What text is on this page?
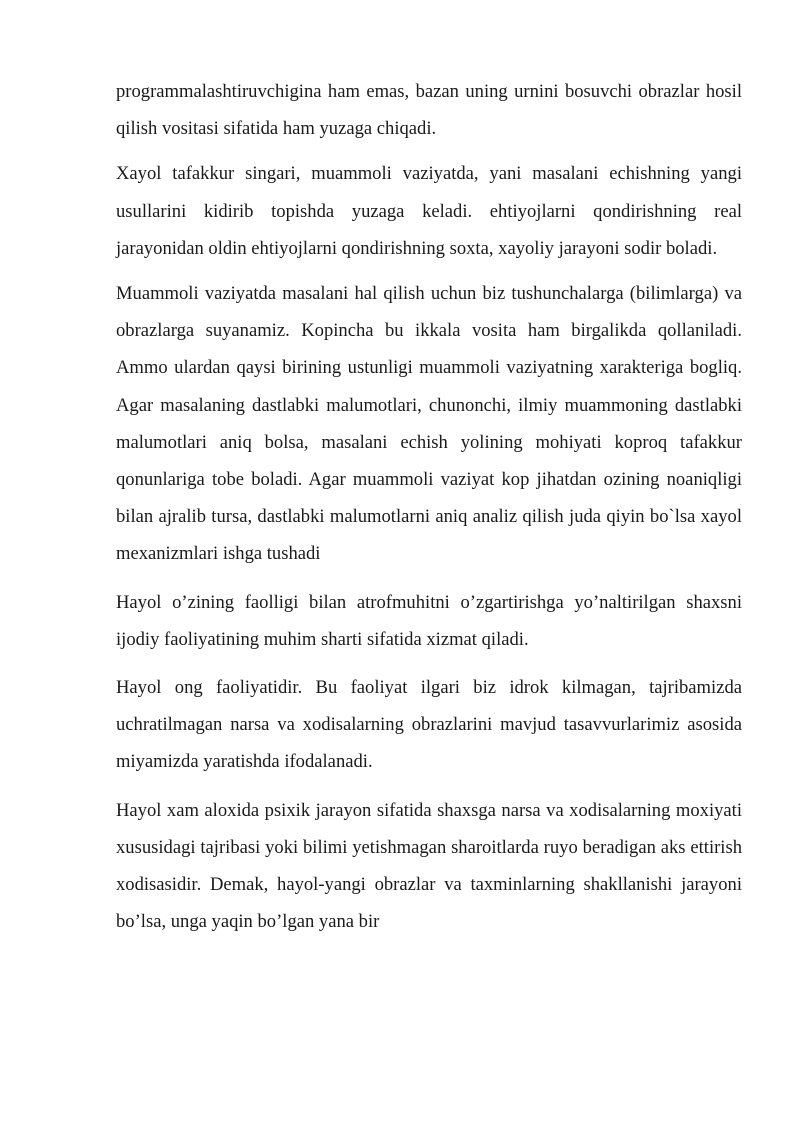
programmalashtiruvchigina ham emas, bazan uning urnini bosuvchi obrazlar hosil qilish vositasi sifatida ham yuzaga chiqadi.

Xayol tafakkur singari, muammoli vaziyatda, yani masalani echishning yangi usullarini kidirib topishda yuzaga keladi. ehtiyojlarni qondirishning real jarayonidan oldin ehtiyojlarni qondirishning soxta, xayoliy jarayoni sodir boladi.

Muammoli vaziyatda masalani hal qilish uchun biz tushunchalarga (bilimlarga) va obrazlarga suyanamiz. Kopincha bu ikkala vosita ham birgalikda qollaniladi. Ammo ulardan qaysi birining ustunligi muammoli vaziyatning xarakteriga bogliq. Agar masalaning dastlabki malumotlari, chunonchi, ilmiy muammoning dastlabki malumotlari aniq bolsa, masalani echish yolining mohiyati koproq tafakkur qonunlariga tobe boladi. Agar muammoli vaziyat kop jihatdan ozining noaniqligi bilan ajralib tursa, dastlabki malumotlarni aniq analiz qilish juda qiyin bo`lsa xayol mexanizmlari ishga tushadi

Hayol o’zining faolligi bilan atrofmuhitni o’zgartirishga yo’naltirilgan shaxsni ijodiy faoliyatining muhim sharti sifatida xizmat qiladi.

Hayol ong faoliyatidir. Bu faoliyat ilgari biz idrok kilmagan, tajribamizda uchratilmagan narsa va xodisalarning obrazlarini mavjud tasavvurlarimiz asosida miyamizda yaratishda ifodalanadi.

Hayol xam aloxida psixik jarayon sifatida shaxsga narsa va xodisalarning moxiyati xususidagi tajribasi yoki bilimi yetishmagan sharoitlarda ruyo beradigan aks ettirish xodisasidir. Demak, hayol-yangi obrazlar va taxminlarning shakllanishi jarayoni bo’lsa, unga yaqin bo’lgan yana bir
